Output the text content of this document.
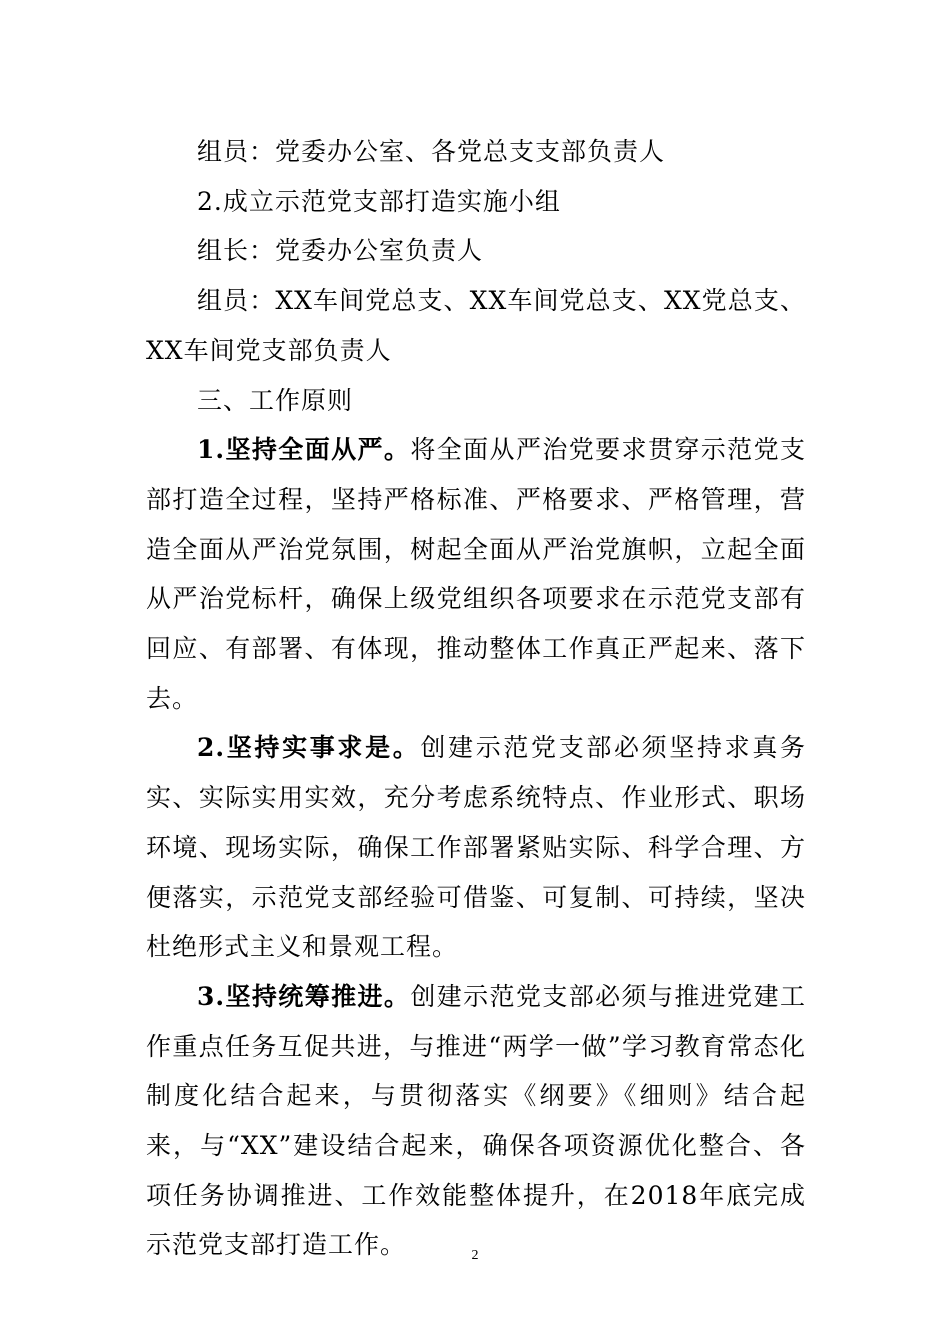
组员：党委办公室、各党总支支部负责人

2.成立示范党支部打造实施小组

组长：党委办公室负责人

组员：XX车间党总支、XX车间党总支、XX党总支、XX车间党支部负责人

三、工作原则

1.坚持全面从严。将全面从严治党要求贯穿示范党支部打造全过程，坚持严格标准、严格要求、严格管理，营造全面从严治党氛围，树起全面从严治党旗帜，立起全面从严治党标杆，确保上级党组织各项要求在示范党支部有回应、有部署、有体现，推动整体工作真正严起来、落下去。

2.坚持实事求是。创建示范党支部必须坚持求真务实、实际实用实效，充分考虑系统特点、作业形式、职场环境、现场实际，确保工作部署紧贴实际、科学合理、方便落实，示范党支部经验可借鉴、可复制、可持续，坚决杜绝形式主义和景观工程。

3.坚持统筹推进。创建示范党支部必须与推进党建工作重点任务互促共进，与推进“两学一做”学习教育常态化制度化结合起来，与贯彻落实《纲要》《细则》结合起来，与“XX”建设结合起来，确保各项资源优化整合、各项任务协调推进、工作效能整体提升，在2018年底完成示范党支部打造工作。	2
